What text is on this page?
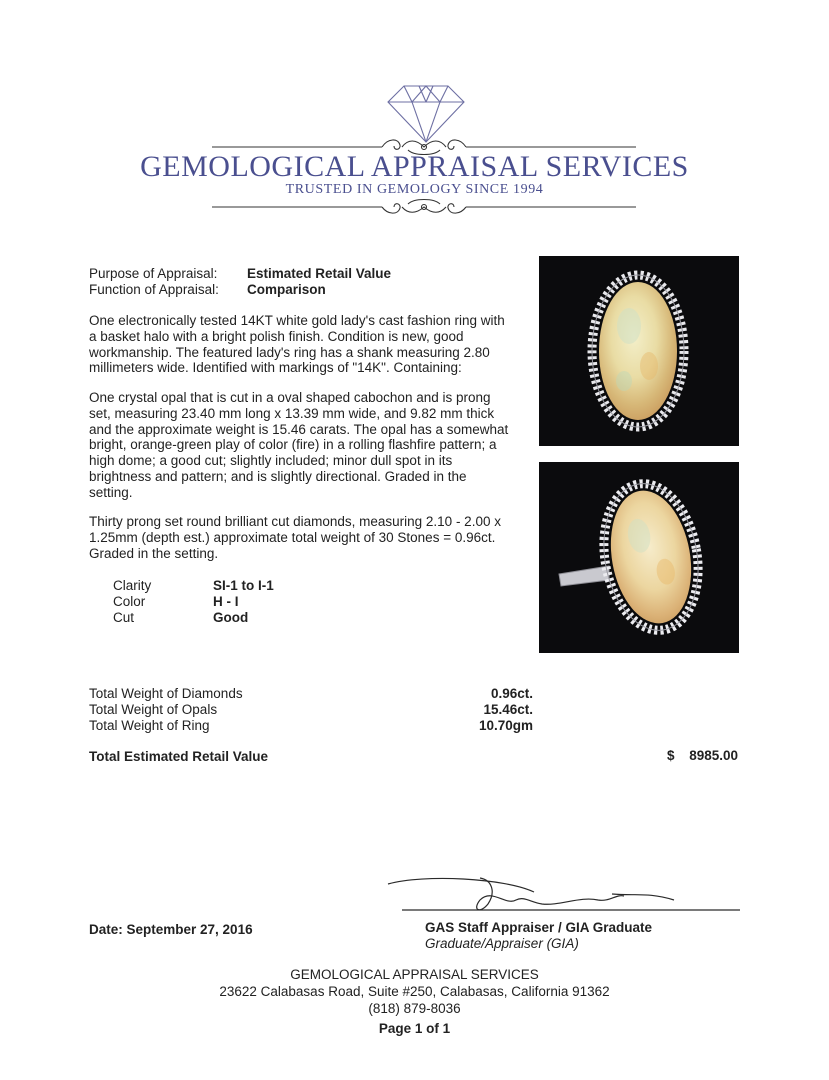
GEMOLOGICAL APPRAISAL SERVICES
TRUSTED IN GEMOLOGY SINCE 1994
Purpose of Appraisal: Estimated Retail Value
Function of Appraisal: Comparison
One electronically tested 14KT white gold lady's cast fashion ring with a basket halo with a bright polish finish. Condition is new, good workmanship. The featured lady's ring has a shank measuring 2.80 millimeters wide. Identified with markings of "14K". Containing:
One crystal opal that is cut in a oval shaped cabochon and is prong set, measuring 23.40 mm long x 13.39 mm wide, and 9.82 mm thick and the approximate weight is 15.46 carats. The opal has a somewhat bright, orange-green play of color (fire) in a rolling flashfire pattern; a high dome; a good cut; slightly included; minor dull spot in its brightness and pattern; and is slightly directional. Graded in the setting.
Thirty prong set round brilliant cut diamonds, measuring 2.10 - 2.00 x 1.25mm (depth est.) approximate total weight of 30 Stones = 0.96ct. Graded in the setting.
Clarity	SI-1 to I-1
Color	H - I
Cut	Good
Total Weight of Diamonds	0.96ct.
Total Weight of Opals	15.46ct.
Total Weight of Ring	10.70gm
Total Estimated Retail Value	$ 8985.00
Date: September 27, 2016	GAS Staff Appraiser / GIA Graduate
Graduate/Appraiser (GIA)
GEMOLOGICAL APPRAISAL SERVICES
23622 Calabasas Road, Suite #250, Calabasas, California 91362
(818) 879-8036
Page 1 of 1
